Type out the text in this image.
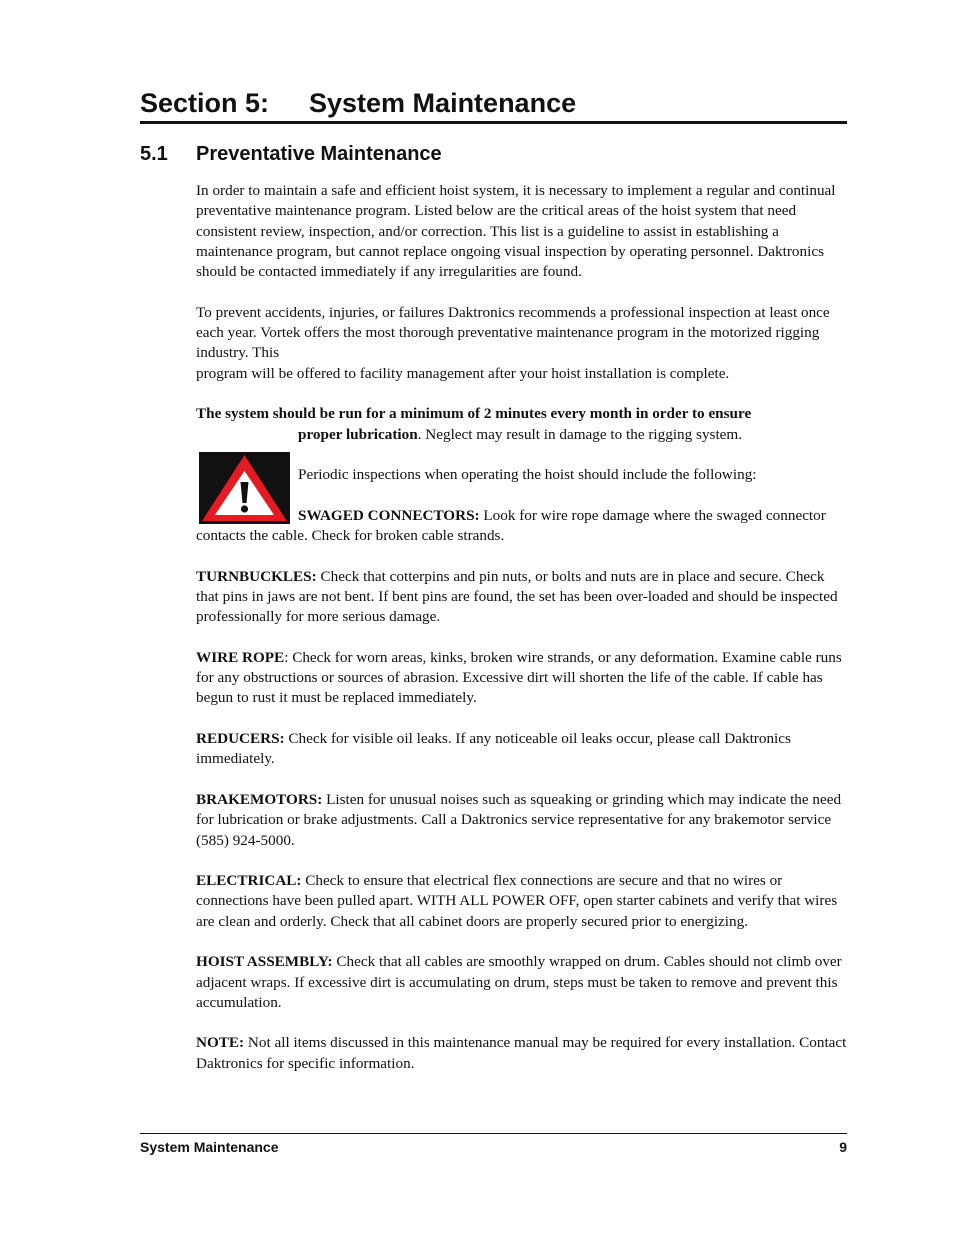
Section 5: System Maintenance
5.1 Preventative Maintenance

In order to maintain a safe and efficient hoist system, it is necessary to implement a regular and continual preventative maintenance program. Listed below are the critical areas of the hoist system that need consistent review, inspection, and/or correction. This list is a guideline to assist in establishing a maintenance program, but cannot replace ongoing visual inspection by operating personnel. Daktronics should be contacted immediately if any irregularities are found.

To prevent accidents, injuries, or failures Daktronics recommends a professional inspection at least once each year. Vortek offers the most thorough preventative maintenance program in the motorized rigging industry. This
program will be offered to facility management after your hoist installation is complete.

The system should be run for a minimum of 2 minutes every month in order to ensure
proper lubrication. Neglect may result in damage to the rigging system.

Periodic inspections when operating the hoist should include the following:

SWAGED CONNECTORS: Look for wire rope damage where the swaged connector contacts the cable. Check for broken cable strands.

TURNBUCKLES: Check that cotterpins and pin nuts, or bolts and nuts are in place and secure. Check that pins in jaws are not bent. If bent pins are found, the set has been over-loaded and should be inspected professionally for more serious damage.

WIRE ROPE: Check for worn areas, kinks, broken wire strands, or any deformation. Examine cable runs for any obstructions or sources of abrasion. Excessive dirt will shorten the life of the cable. If cable has begun to rust it must be replaced immediately.

REDUCERS: Check for visible oil leaks. If any noticeable oil leaks occur, please call Daktronics immediately.

BRAKEMOTORS: Listen for unusual noises such as squeaking or grinding which may indicate the need for lubrication or brake adjustments. Call a Daktronics service representative for any brakemotor service (585) 924-5000.

ELECTRICAL: Check to ensure that electrical flex connections are secure and that no wires or connections have been pulled apart. WITH ALL POWER OFF, open starter cabinets and verify that wires are clean and orderly. Check that all cabinet doors are properly secured prior to energizing.

HOIST ASSEMBLY: Check that all cables are smoothly wrapped on drum. Cables should not climb over adjacent wraps. If excessive dirt is accumulating on drum, steps must be taken to remove and prevent this accumulation.

NOTE: Not all items discussed in this maintenance manual may be required for every installation. Contact Daktronics for specific information.

System Maintenance	9
